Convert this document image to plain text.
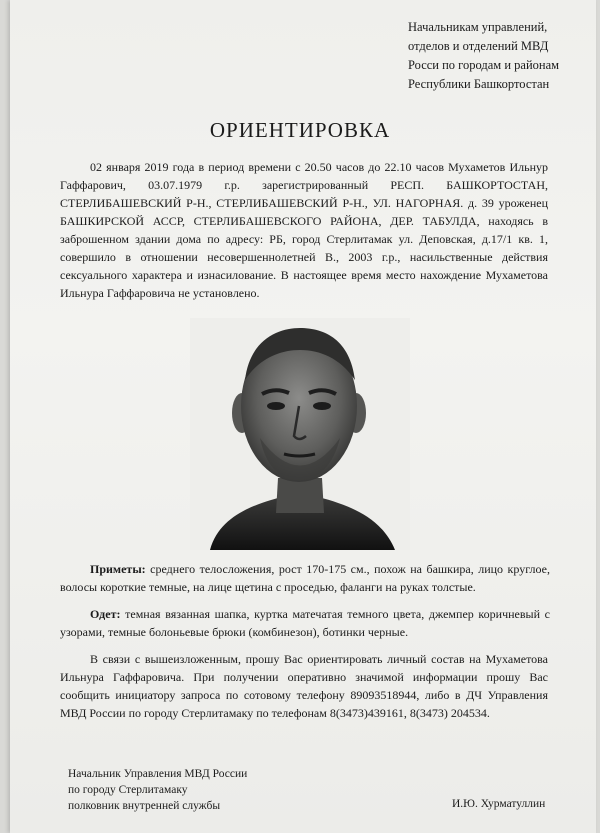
Начальникам управлений,
отделов и отделений МВД
Росси по городам и районам
Республики Башкортостан
ОРИЕНТИРОВКА
02 января 2019 года в период времени с 20.50 часов до 22.10 часов Мухаметов Ильнур Гаффарович, 03.07.1979 г.р. зарегистрированный РЕСП. БАШКОРТОСТАН, СТЕРЛИБАШЕВСКИЙ Р-Н., СТЕРЛИБАШЕВСКИЙ Р-Н., УЛ. НАГОРНАЯ. д. 39 уроженец БАШКИРСКОЙ АССР, СТЕРЛИБАШЕВСКОГО РАЙОНА, ДЕР. ТАБУЛДА, находясь в заброшенном здании дома по адресу: РБ, город Стерлитамак ул. Деповская, д.17/1 кв. 1, совершило в отношении несовершеннолетней В., 2003 г.р., насильственные действия сексуального характера и изнасилование. В настоящее время место нахождение Мухаметова Ильнура Гаффаровича не установлено.
Приметы: среднего телосложения, рост 170-175 см., похож на башкира, лицо круглое, волосы короткие темные, на лице щетина с проседью, фаланги на руках толстые.
Одет: темная вязанная шапка, куртка матечатая темного цвета, джемпер коричневый с узорами, темные болоньевые брюки (комбинезон), ботинки черные.
В связи с вышеизложенным, прошу Вас ориентировать личный состав на Мухаметова Ильнура Гаффаровича. При получении оперативно значимой информации прошу Вас сообщить инициатору запроса по сотовому телефону 89093518944, либо в ДЧ Управления МВД России по городу Стерлитамаку по телефонам 8(3473)439161, 8(3473) 204534.
Начальник Управления МВД России
по городу Стерлитамаку
полковник внутренней службы	И.Ю. Хурматуллин
